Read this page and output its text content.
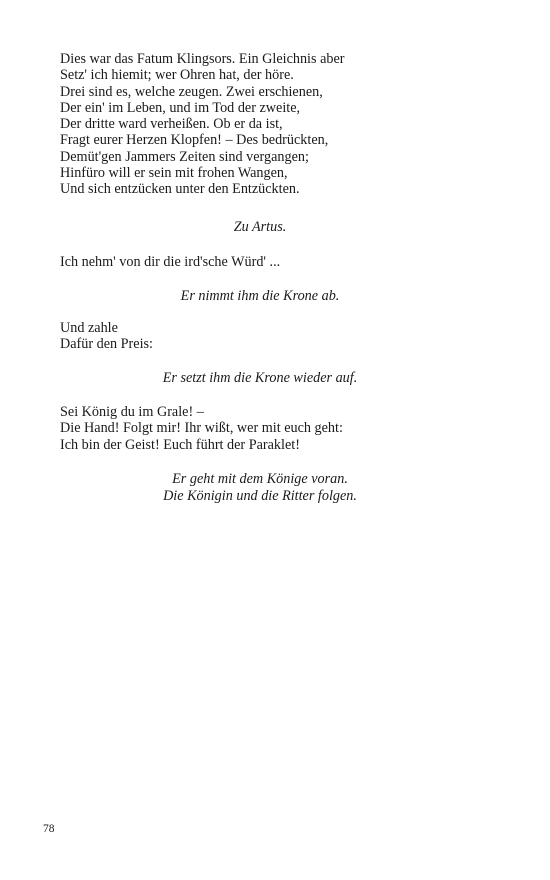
Dies war das Fatum Klingsors. Ein Gleichnis aber
Setz' ich hiemit; wer Ohren hat, der höre.
Drei sind es, welche zeugen. Zwei erschienen,
Der ein' im Leben, und im Tod der zweite,
Der dritte ward verheißen. Ob er da ist,
Fragt eurer Herzen Klopfen! – Des bedrückten,
Demüt'gen Jammers Zeiten sind vergangen;
Hinfüro will er sein mit frohen Wangen,
Und sich entzücken unter den Entzückten.
Zu Artus.
Ich nehm' von dir die ird'sche Würd' ...
Er nimmt ihm die Krone ab.
Und zahle
Dafür den Preis:
Er setzt ihm die Krone wieder auf.
Sei König du im Grale! –
Die Hand! Folgt mir! Ihr wißt, wer mit euch geht:
Ich bin der Geist! Euch führt der Paraklet!
Er geht mit dem Könige voran.
Die Königin und die Ritter folgen.
78
